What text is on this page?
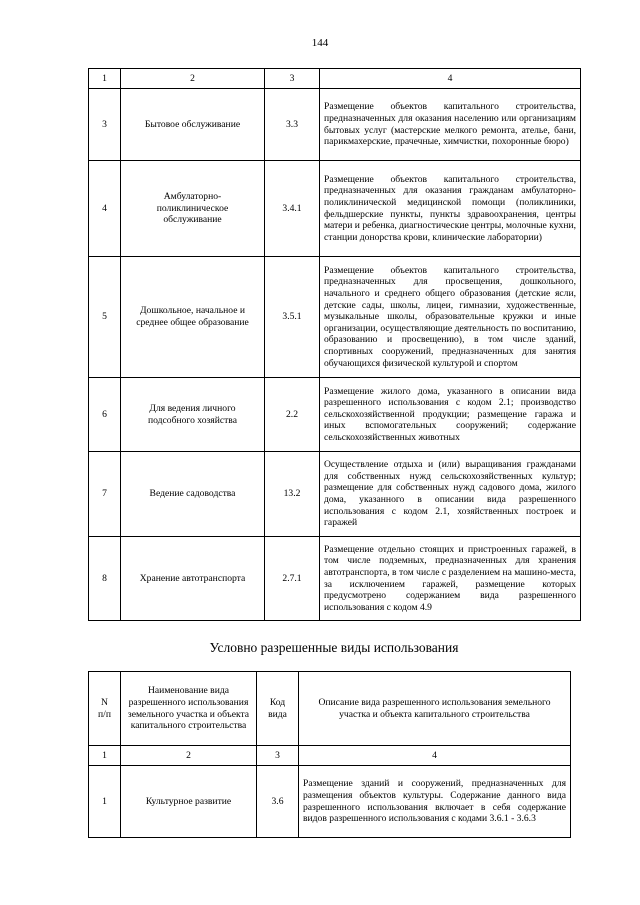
144
1	2	3	4
3	Бытовое обслуживание	3.3	Размещение объектов капитального строительства, предназначенных для оказания населению или организациям бытовых услуг (мастерские мелкого ремонта, ателье, бани, парикмахерские, прачечные, химчистки, похоронные бюро)
4	Амбулаторно-поликлиническое обслуживание	3.4.1	Размещение объектов капитального строительства, предназначенных для оказания гражданам амбулаторно-поликлинической медицинской помощи (поликлиники, фельдшерские пункты, пункты здравоохранения, центры матери и ребенка, диагностические центры, молочные кухни, станции донорства крови, клинические лаборатории)
5	Дошкольное, начальное и среднее общее образование	3.5.1	Размещение объектов капитального строительства, предназначенных для просвещения, дошкольного, начального и среднего общего образования (детские ясли, детские сады, школы, лицеи, гимназии, художественные, музыкальные школы, образовательные кружки и иные организации, осуществляющие деятельность по воспитанию, образованию и просвещению), в том числе зданий, спортивных сооружений, предназначенных для занятия обучающихся физической культурой и спортом
6	Для ведения личного подсобного хозяйства	2.2	Размещение жилого дома, указанного в описании вида разрешенного использования с кодом 2.1; производство сельскохозяйственной продукции; размещение гаража и иных вспомогательных сооружений; содержание сельскохозяйственных животных
7	Ведение садоводства	13.2	Осуществление отдыха и (или) выращивания гражданами для собственных нужд сельскохозяйственных культур; размещение для собственных нужд садового дома, жилого дома, указанного в описании вида разрешенного использования с кодом 2.1, хозяйственных построек и гаражей
8	Хранение автотранспорта	2.7.1	Размещение отдельно стоящих и пристроенных гаражей, в том числе подземных, предназначенных для хранения автотранспорта, в том числе с разделением на машино-места, за исключением гаражей, размещение которых предусмотрено содержанием вида разрешенного использования с кодом 4.9
Условно разрешенные виды использования
N п/п	Наименование вида разрешенного использования земельного участка и объекта капитального строительства	Код вида	Описание вида разрешенного использования земельного участка и объекта капитального строительства
1	2	3	4
1	Культурное развитие	3.6	Размещение зданий и сооружений, предназначенных для размещения объектов культуры. Содержание данного вида разрешенного использования включает в себя содержание видов разрешенного использования с кодами 3.6.1 - 3.6.3
